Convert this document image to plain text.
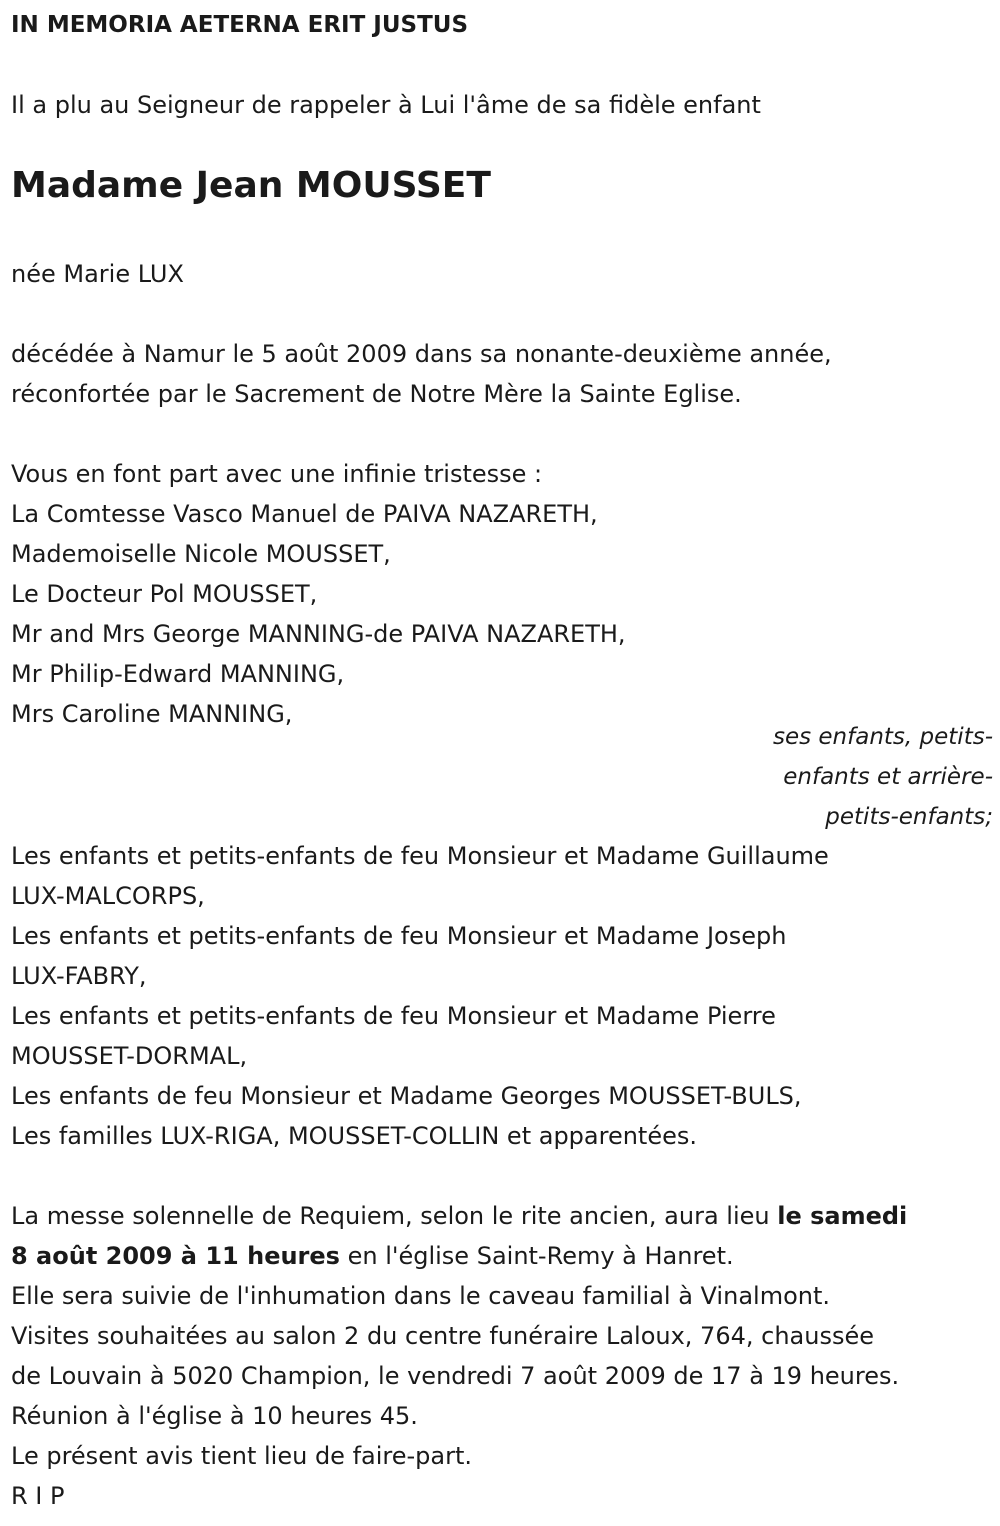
IN MEMORIA AETERNA ERIT JUSTUS
Il a plu au Seigneur de rappeler à Lui l'âme de sa fidèle enfant
Madame Jean MOUSSET
née Marie LUX
décédée à Namur le 5 août 2009 dans sa nonante-deuxième année,
réconfortée par le Sacrement de Notre Mère la Sainte Eglise.
Vous en font part avec une infinie tristesse :
La Comtesse Vasco Manuel de PAIVA NAZARETH,
Mademoiselle Nicole MOUSSET,
Le Docteur Pol MOUSSET,
Mr and Mrs George MANNING-de PAIVA NAZARETH,
Mr Philip-Edward MANNING,
Mrs Caroline MANNING,
ses enfants, petits-
enfants et arrière-
petits-enfants;
Les enfants et petits-enfants de feu Monsieur et Madame Guillaume
LUX-MALCORPS,
Les enfants et petits-enfants de feu Monsieur et Madame Joseph
LUX-FABRY,
Les enfants et petits-enfants de feu Monsieur et Madame Pierre
MOUSSET-DORMAL,
Les enfants de feu Monsieur et Madame Georges MOUSSET-BULS,
Les familles LUX-RIGA, MOUSSET-COLLIN et apparentées.
La messe solennelle de Requiem, selon le rite ancien, aura lieu le samedi
8 août 2009 à 11 heures en l'église Saint-Remy à Hanret.
Elle sera suivie de l'inhumation dans le caveau familial à Vinalmont.
Visites souhaitées au salon 2 du centre funéraire Laloux, 764, chaussée
de Louvain à 5020 Champion, le vendredi 7 août 2009 de 17 à 19 heures.
Réunion à l'église à 10 heures 45.
Le présent avis tient lieu de faire-part.
R I P
